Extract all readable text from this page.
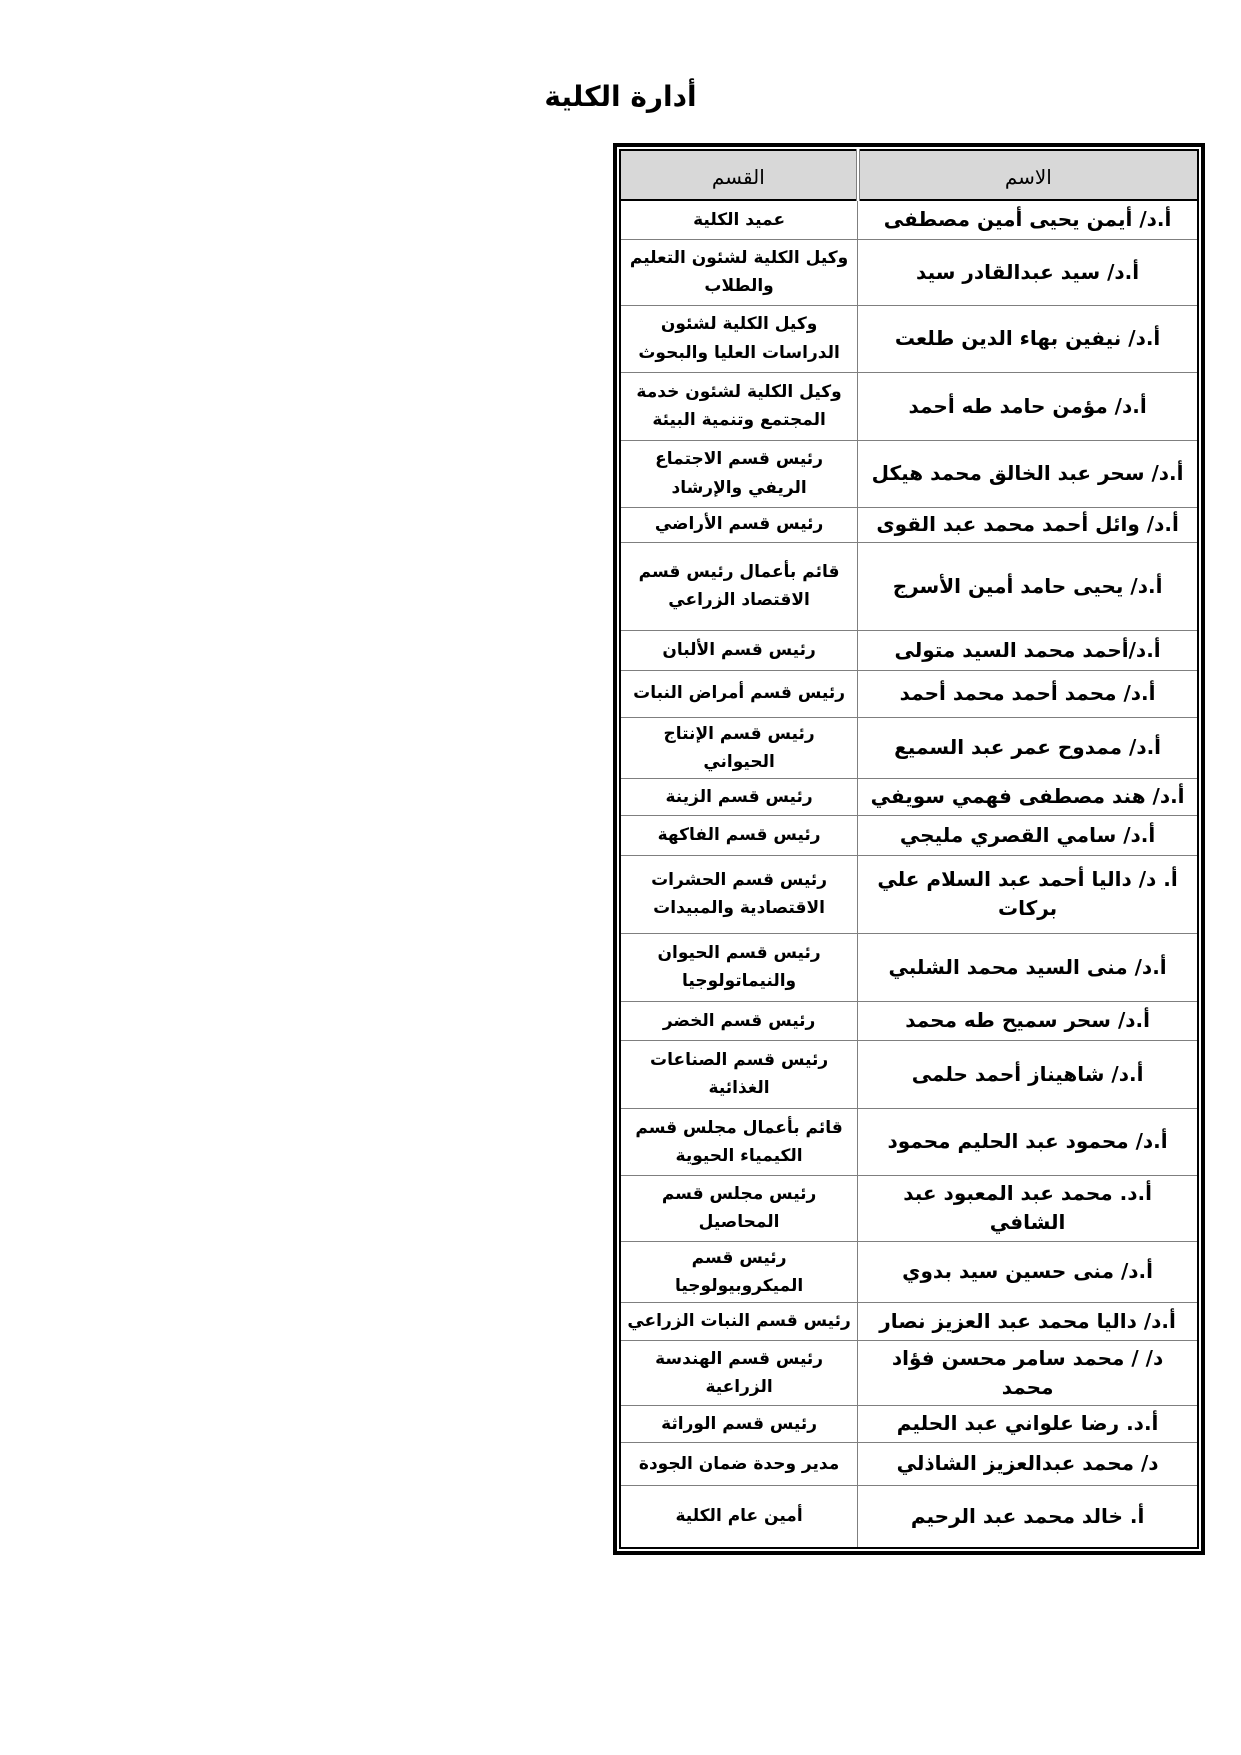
أدارة الكلية
الاسم	القسم
أ.د/ أيمن يحيى أمين مصطفى	عميد الكلية
أ.د/ سيد عبدالقادر سيد	وكيل الكلية لشئون التعليم والطلاب
أ.د/ نيفين بهاء الدين طلعت	وكيل الكلية لشئون الدراسات العليا والبحوث
أ.د/ مؤمن حامد طه أحمد	وكيل الكلية لشئون خدمة المجتمع وتنمية البيئة
أ.د/ سحر عبد الخالق محمد هيكل	رئيس قسم الاجتماع الريفي والإرشاد
أ.د/ وائل أحمد محمد عبد القوى	رئيس قسم الأراضي
أ.د/ يحيى حامد أمين الأسرج	قائم بأعمال رئيس قسم الاقتصاد الزراعي
أ.د/أحمد محمد السيد متولى	رئيس قسم الألبان
أ.د/ محمد أحمد محمد أحمد	رئيس قسم أمراض النبات
أ.د/ ممدوح عمر عبد السميع	رئيس قسم الإنتاج الحيواني
أ.د/ هند مصطفى فهمي سويفي	رئيس قسم الزينة
أ.د/ سامي القصري مليجي	رئيس قسم الفاكهة
أ. د/ داليا أحمد عبد السلام علي بركات	رئيس قسم الحشرات الاقتصادية والمبيدات
أ.د/ منى السيد محمد الشلبي	رئيس قسم الحيوان والنيماتولوجيا
أ.د/ سحر سميح طه محمد	رئيس قسم الخضر
أ.د/ شاهيناز أحمد حلمى	رئيس قسم الصناعات الغذائية
أ.د/ محمود عبد الحليم محمود	قائم بأعمال مجلس قسم الكيمياء الحيوية
أ.د. محمد عبد المعبود عبد الشافي	رئيس مجلس قسم المحاصيل
أ.د/ منى حسين سيد بدوي	رئيس قسم الميكروبيولوجيا
أ.د/ داليا محمد عبد العزيز نصار	رئيس قسم النبات الزراعي
د/ / محمد سامر محسن فؤاد محمد	رئيس قسم الهندسة الزراعية
أ.د. رضا علواني عبد الحليم	رئيس قسم الوراثة
د/ محمد عبدالعزيز الشاذلي	مدير وحدة ضمان الجودة
أ. خالد محمد عبد الرحيم	أمين عام الكلية
